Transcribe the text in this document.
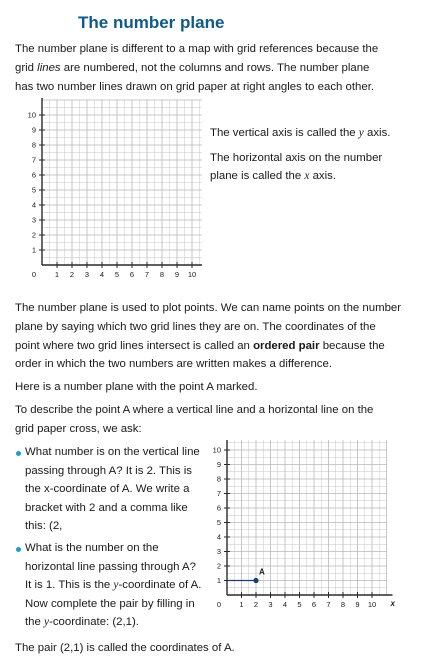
The number plane
The number plane is different to a map with grid references because the
grid lines are numbered, not the columns and rows. The number plane
has two number lines drawn on grid paper at right angles to each other.
1
1
2
2
3
3
4
4
5
5
6
6
7
7
8
8
9
9
10
10
0
The vertical axis is called the y axis.
The horizontal axis on the number
plane is called the x axis.
The number plane is used to plot points. We can name points on the number
plane by saying which two grid lines they are on. The coordinates of the
point where two grid lines intersect is called an ordered pair because the
order in which the two numbers are written makes a difference.
Here is a number plane with the point A marked.
To describe the point A where a vertical line and a horizontal line on the
grid paper cross, we ask:
What number is on the vertical line
passing through A? It is 2. This is
the x-coordinate of A. We write a
bracket with 2 and a comma like
this: (2,
What is the number on the
horizontal line passing through A?
It is 1. This is the y-coordinate of A.
Now complete the pair by filling in
the y-coordinate: (2,1).
1
1
2
2
3
3
4
4
5
5
6
6
7
7
8
8
9
9
10
10
0	x
A
The pair (2,1) is called the coordinates of A.
